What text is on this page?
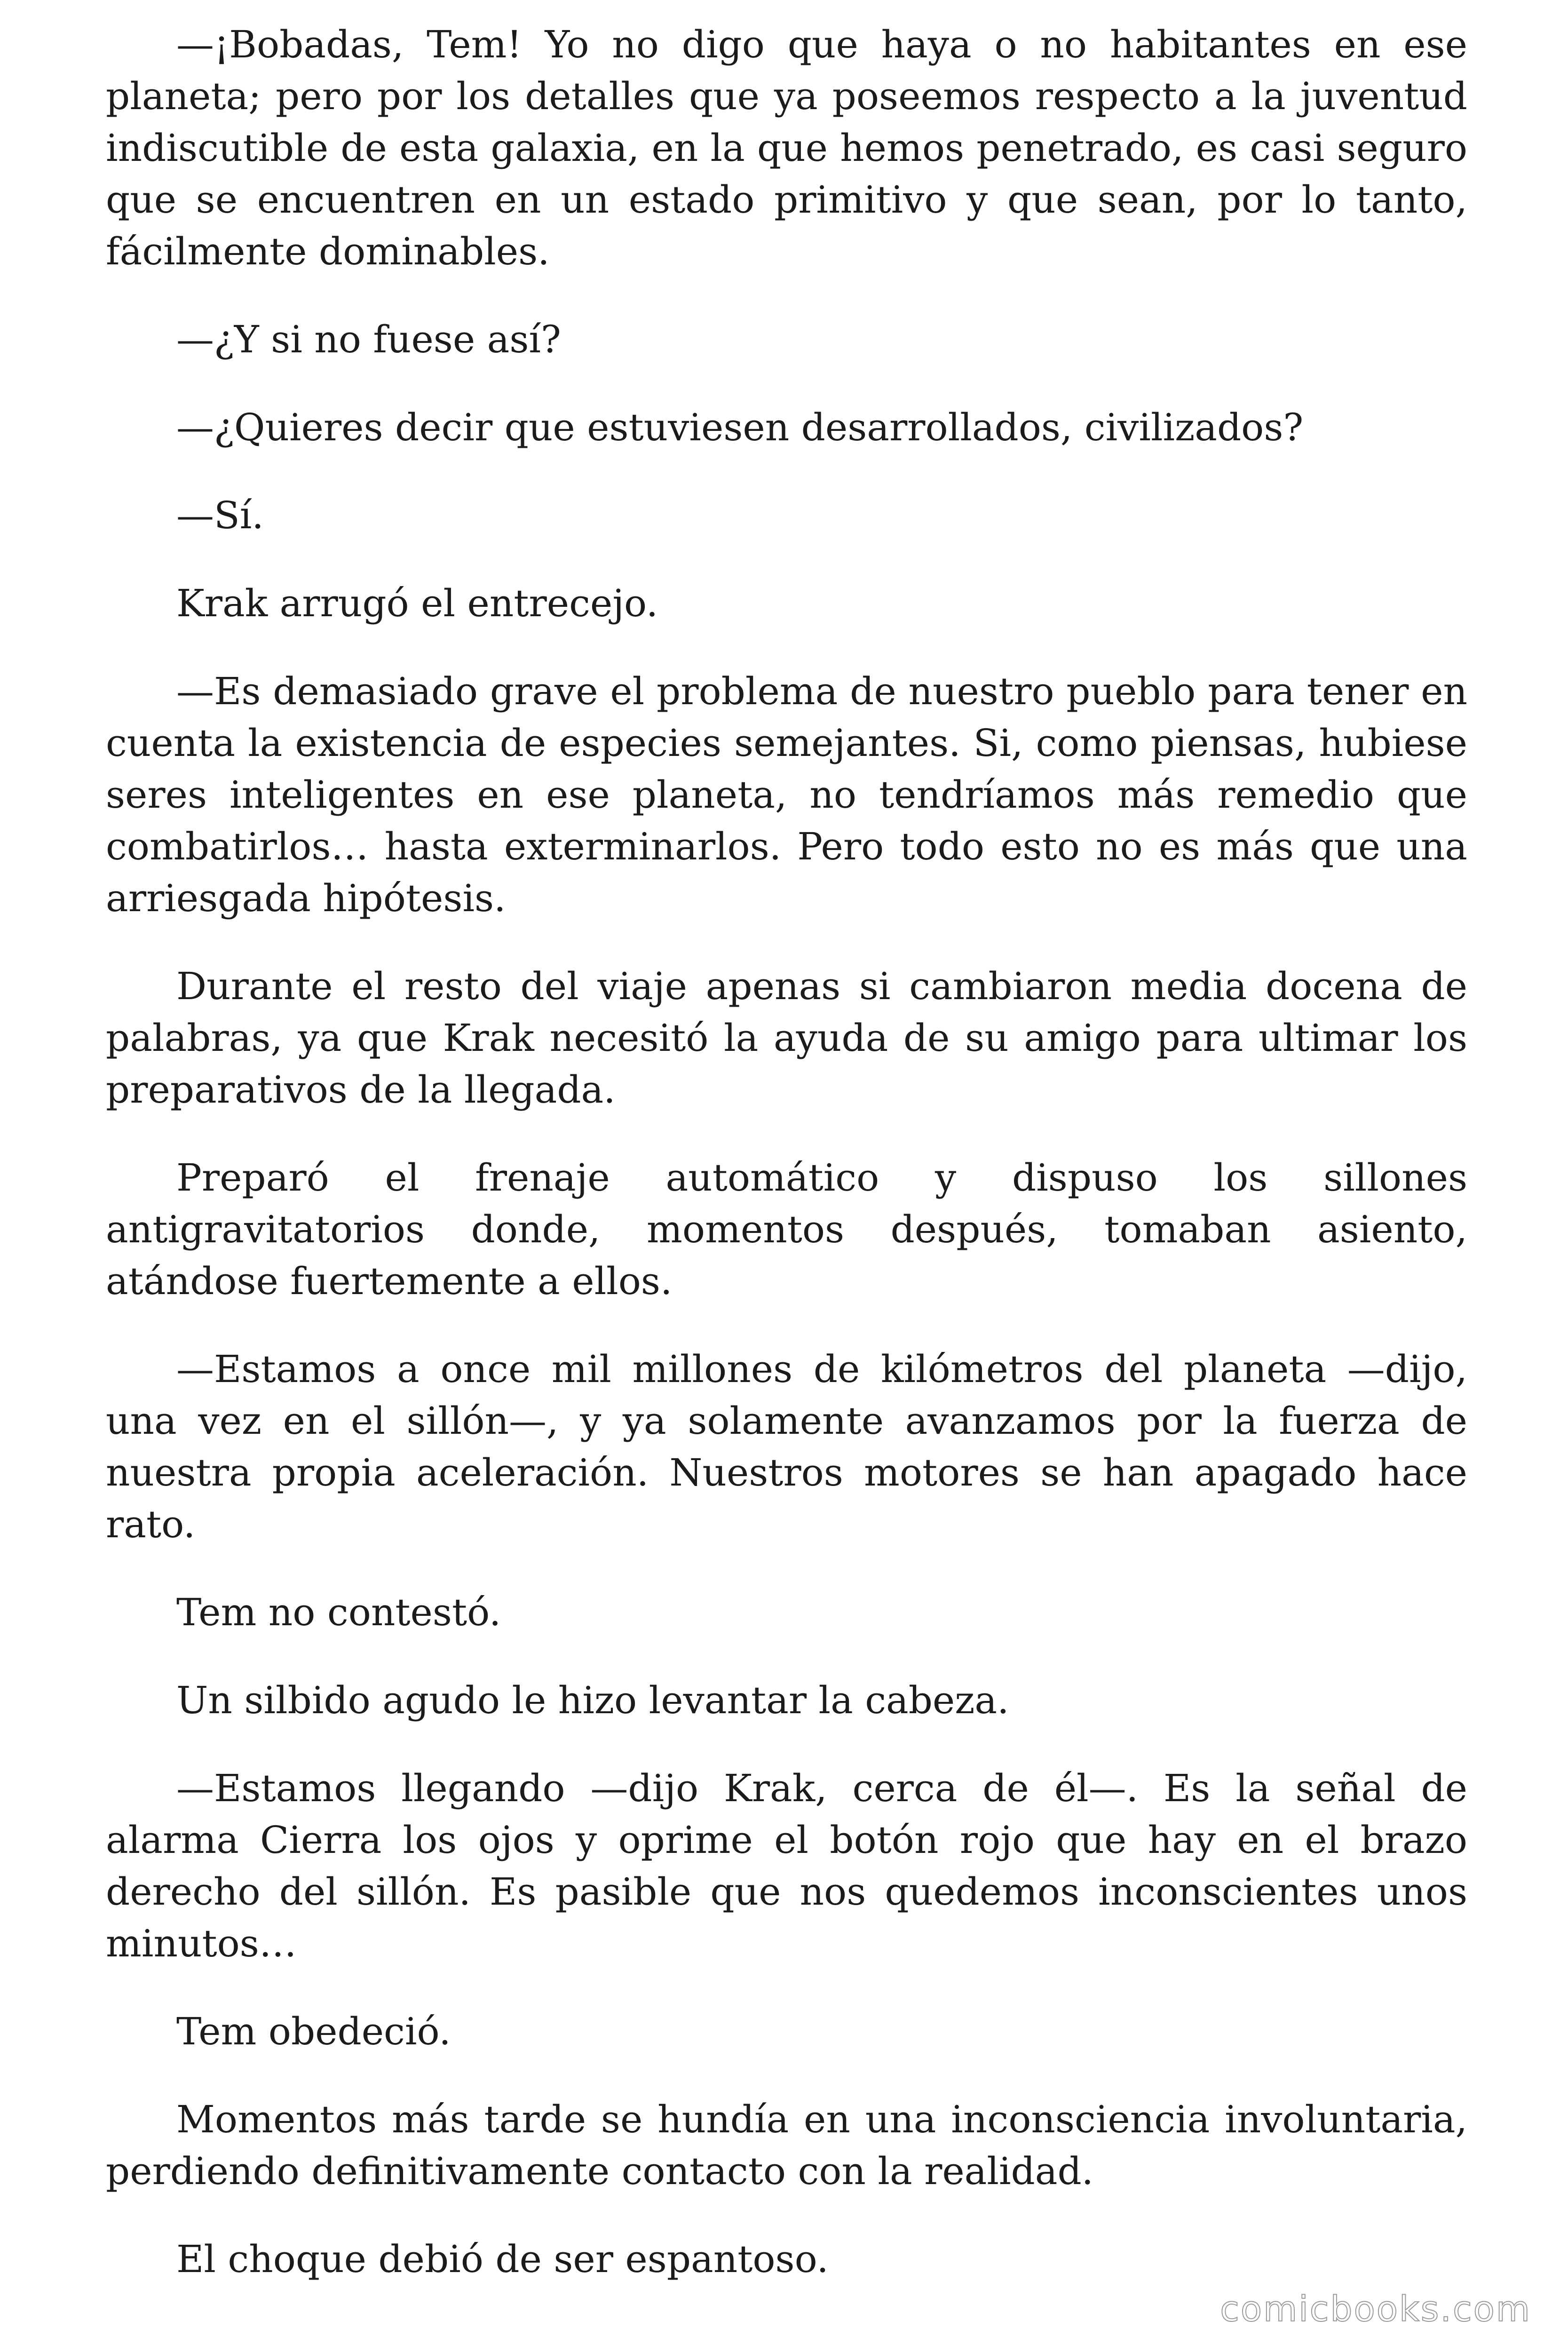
—¡Bobadas, Tem! Yo no digo que haya o no habitantes en ese planeta; pero por los detalles que ya poseemos respecto a la juventud indiscutible de esta galaxia, en la que hemos penetrado, es casi seguro que se encuentren en un estado primitivo y que sean, por lo tanto, fácilmente dominables.

—¿Y si no fuese así?

—¿Quieres decir que estuviesen desarrollados, civilizados?

—Sí.

Krak arrugó el entrecejo.

—Es demasiado grave el problema de nuestro pueblo para tener en cuenta la existencia de especies semejantes. Si, como piensas, hubiese seres inteligentes en ese planeta, no tendríamos más remedio que combatirlos… hasta exterminarlos. Pero todo esto no es más que una arriesgada hipótesis.

Durante el resto del viaje apenas si cambiaron media docena de palabras, ya que Krak necesitó la ayuda de su amigo para ultimar los preparativos de la llegada.

Preparó el frenaje automático y dispuso los sillones antigravitatorios donde, momentos después, tomaban asiento, atándose fuertemente a ellos.

—Estamos a once mil millones de kilómetros del planeta —dijo, una vez en el sillón—, y ya solamente avanzamos por la fuerza de nuestra propia aceleración. Nuestros motores se han apagado hace rato.

Tem no contestó.

Un silbido agudo le hizo levantar la cabeza.

—Estamos llegando —dijo Krak, cerca de él—. Es la señal de alarma Cierra los ojos y oprime el botón rojo que hay en el brazo derecho del sillón. Es pasible que nos quedemos inconscientes unos minutos…

Tem obedeció.

Momentos más tarde se hundía en una inconsciencia involuntaria, perdiendo definitivamente contacto con la realidad.

El choque debió de ser espantoso.

comicbooks.com
